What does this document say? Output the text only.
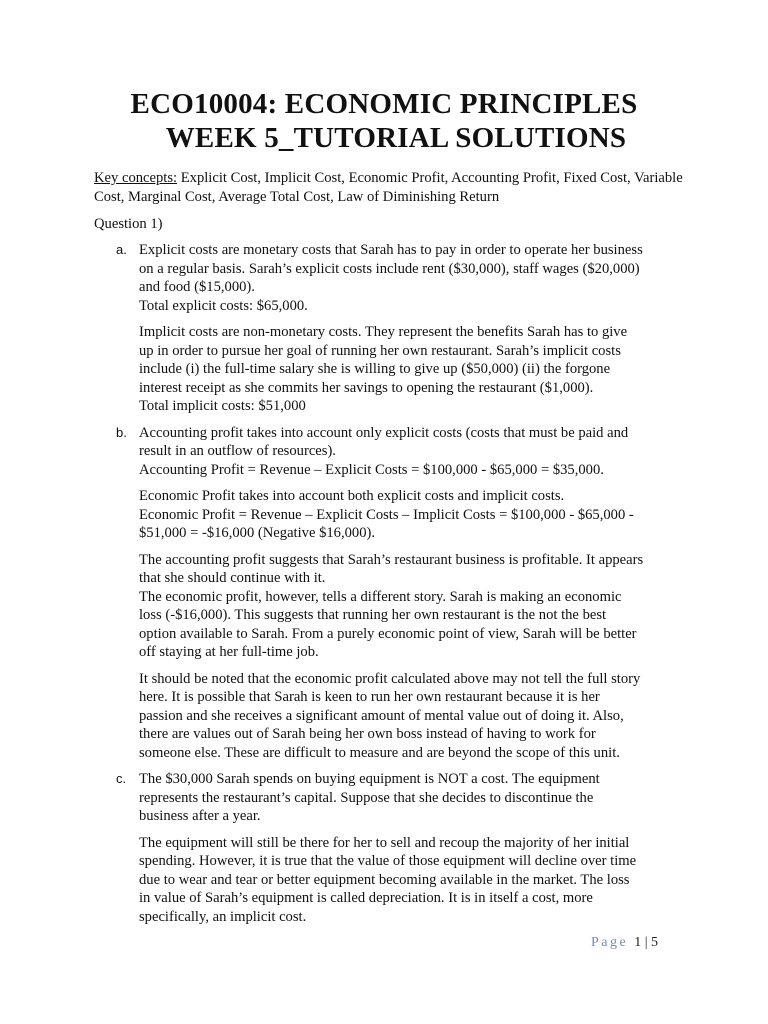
ECO10004: ECONOMIC PRINCIPLES
WEEK 5_TUTORIAL SOLUTIONS
Key concepts: Explicit Cost, Implicit Cost, Economic Profit, Accounting Profit, Fixed Cost, Variable Cost, Marginal Cost, Average Total Cost, Law of Diminishing Return
Question 1)
a. Explicit costs are monetary costs that Sarah has to pay in order to operate her business
on a regular basis. Sarah’s explicit costs include rent ($30,000), staff wages ($20,000)
and food ($15,000).
Total explicit costs: $65,000.

Implicit costs are non-monetary costs. They represent the benefits Sarah has to give
up in order to pursue her goal of running her own restaurant. Sarah’s implicit costs
include (i) the full-time salary she is willing to give up ($50,000) (ii) the forgone
interest receipt as she commits her savings to opening the restaurant ($1,000).
Total implicit costs: $51,000

b. Accounting profit takes into account only explicit costs (costs that must be paid and
result in an outflow of resources).
Accounting Profit = Revenue – Explicit Costs = $100,000 - $65,000 = $35,000.

Economic Profit takes into account both explicit costs and implicit costs.
Economic Profit = Revenue – Explicit Costs – Implicit Costs = $100,000 - $65,000 -
$51,000 = -$16,000 (Negative $16,000).

The accounting profit suggests that Sarah’s restaurant business is profitable. It appears
that she should continue with it.
The economic profit, however, tells a different story. Sarah is making an economic
loss (-$16,000). This suggests that running her own restaurant is the not the best
option available to Sarah. From a purely economic point of view, Sarah will be better
off staying at her full-time job.

It should be noted that the economic profit calculated above may not tell the full story
here. It is possible that Sarah is keen to run her own restaurant because it is her
passion and she receives a significant amount of mental value out of doing it. Also,
there are values out of Sarah being her own boss instead of having to work for
someone else. These are difficult to measure and are beyond the scope of this unit.

c. The $30,000 Sarah spends on buying equipment is NOT a cost. The equipment
represents the restaurant’s capital. Suppose that she decides to discontinue the
business after a year.

The equipment will still be there for her to sell and recoup the majority of her initial
spending. However, it is true that the value of those equipment will decline over time
due to wear and tear or better equipment becoming available in the market. The loss
in value of Sarah’s equipment is called depreciation. It is in itself a cost, more
specifically, an implicit cost.

Page 1 | 5
